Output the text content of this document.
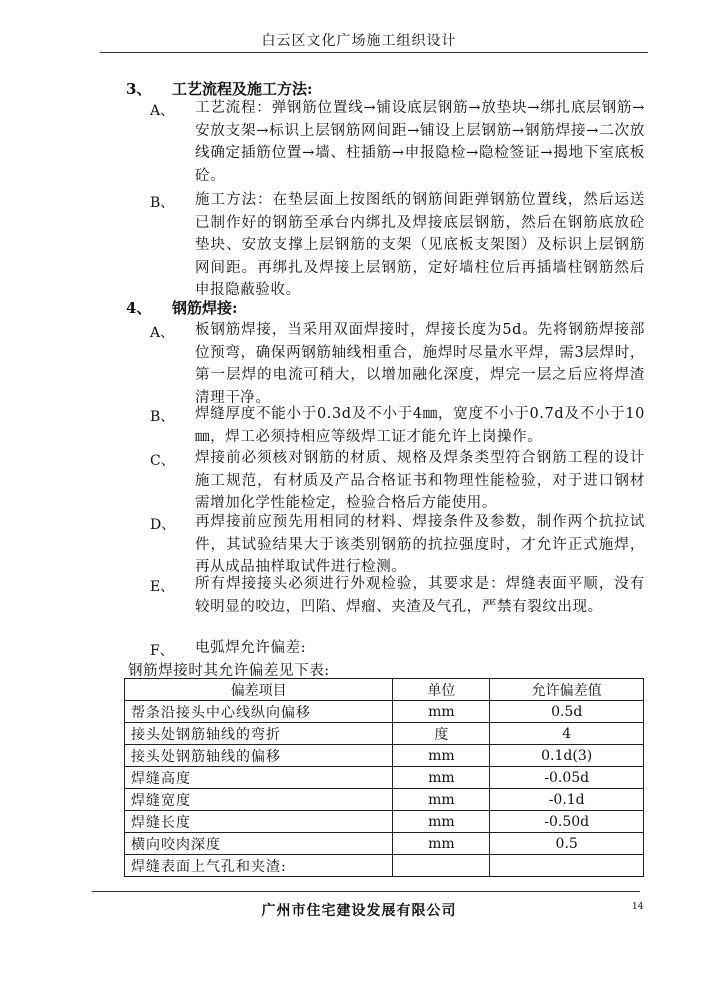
白云区文化广场施工组织设计
3、 工艺流程及施工方法:
A、 工艺流程：弹钢筋位置线→铺设底层钢筋→放垫块→绑扎底层钢筋→安放支架→标识上层钢筋网间距→铺设上层钢筋→钢筋焊接→二次放线确定插筋位置→墙、柱插筋→申报隐检→隐检签证→揭地下室底板砼。
B、 施工方法：在垫层面上按图纸的钢筋间距弹钢筋位置线，然后运送已制作好的钢筋至承台内绑扎及焊接底层钢筋，然后在钢筋底放砼垫块、安放支撑上层钢筋的支架（见底板支架图）及标识上层钢筋网间距。再绑扎及焊接上层钢筋，定好墙柱位后再插墙柱钢筋然后申报隐蔽验收。
4、 钢筋焊接:
A、 板钢筋焊接，当采用双面焊接时，焊接长度为5d。先将钢筋焊接部位预弯，确保两钢筋轴线相重合，施焊时尽量水平焊，需3层焊时，第一层焊的电流可稍大，以增加融化深度，焊完一层之后应将焊渣清理干净。
B、 焊缝厚度不能小于0.3d及不小于4㎜，宽度不小于0.7d及不小于10㎜，焊工必须持相应等级焊工证才能允许上岗操作。
C、 焊接前必须核对钢筋的材质、规格及焊条类型符合钢筋工程的设计施工规范，有材质及产品合格证书和物理性能检验，对于进口钢材需增加化学性能检定，检验合格后方能使用。
D、 再焊接前应预先用相同的材料、焊接条件及参数，制作两个抗拉试件，其试验结果大于该类别钢筋的抗拉强度时，才允许正式施焊，再从成品抽样取试件进行检测。
E、 所有焊接接头必须进行外观检验，其要求是：焊缝表面平顺，没有较明显的咬边，凹陷、焊瘤、夹渣及气孔，严禁有裂纹出现。
F、 电弧焊允许偏差:
钢筋焊接时其允许偏差见下表:
偏差项目	单位	允许偏差值
帮条沿接头中心线纵向偏移	mm	0.5d
接头处钢筋轴线的弯折	度	4
接头处钢筋轴线的偏移	mm	0.1d(3)
焊缝高度	mm	-0.05d
焊缝宽度	mm	-0.1d
焊缝长度	mm	-0.50d
横向咬肉深度	mm	0.5
焊缝表面上气孔和夹渣:		
广州市住宅建设发展有限公司	14
